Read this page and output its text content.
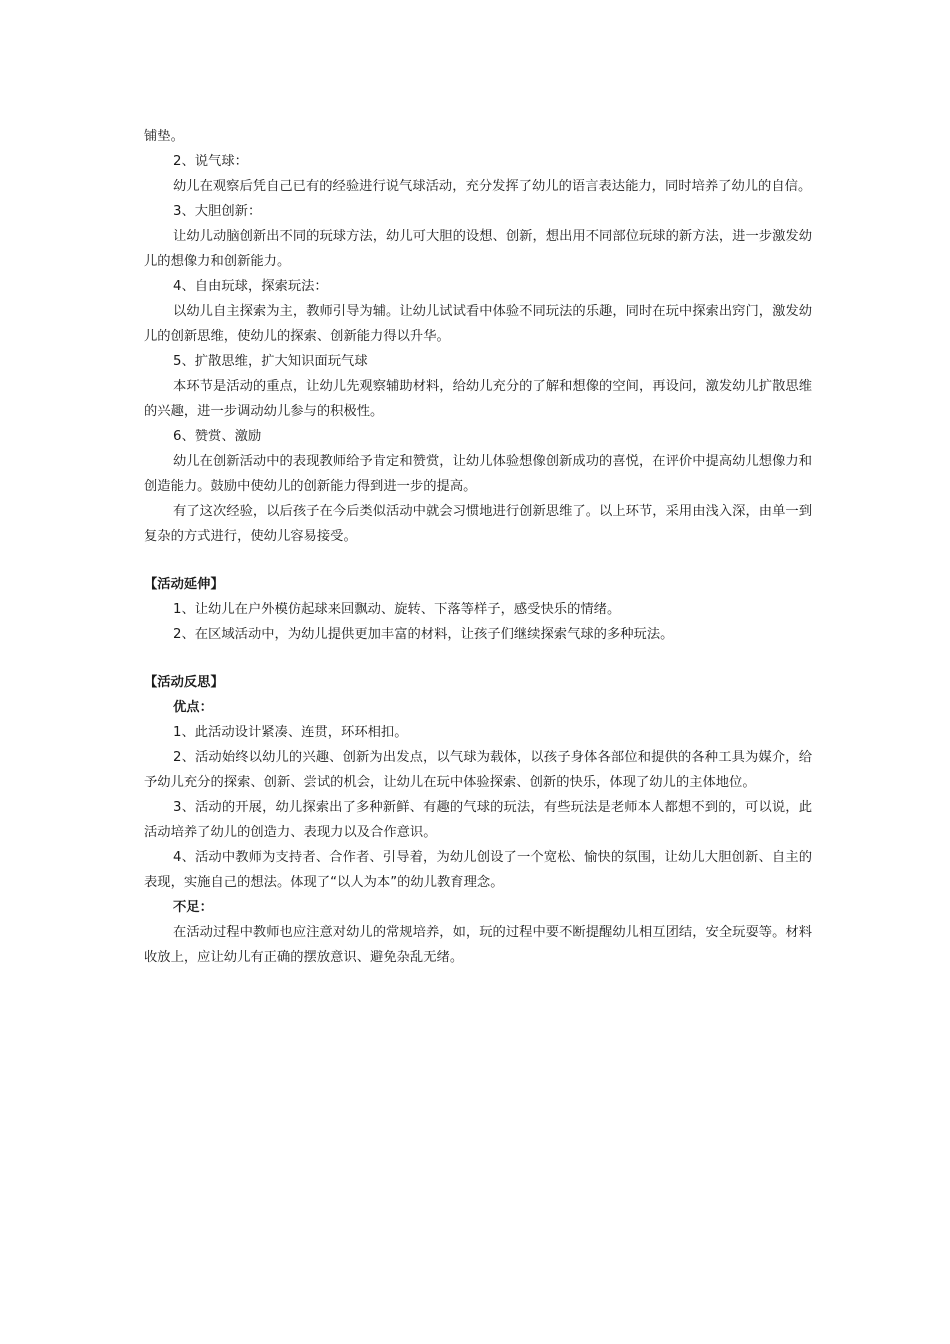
铺垫。

2、说气球：

幼儿在观察后凭自己已有的经验进行说气球活动，充分发挥了幼儿的语言表达能力，同时培养了幼儿的自信。

3、大胆创新：

让幼儿动脑创新出不同的玩球方法，幼儿可大胆的设想、创新，想出用不同部位玩球的新方法，进一步激发幼儿的想像力和创新能力。

4、自由玩球，探索玩法：

以幼儿自主探索为主，教师引导为辅。让幼儿试试看中体验不同玩法的乐趣，同时在玩中探索出窍门，激发幼儿的创新思维，使幼儿的探索、创新能力得以升华。

5、扩散思维，扩大知识面玩气球

本环节是活动的重点，让幼儿先观察辅助材料，给幼儿充分的了解和想像的空间，再设问，激发幼儿扩散思维的兴趣，进一步调动幼儿参与的积极性。

6、赞赏、激励

幼儿在创新活动中的表现教师给予肯定和赞赏，让幼儿体验想像创新成功的喜悦，在评价中提高幼儿想像力和创造能力。鼓励中使幼儿的创新能力得到进一步的提高。

有了这次经验，以后孩子在今后类似活动中就会习惯地进行创新思维了。以上环节，采用由浅入深，由单一到复杂的方式进行，使幼儿容易接受。

【活动延伸】

1、让幼儿在户外模仿起球来回飘动、旋转、下落等样子，感受快乐的情绪。

2、在区域活动中，为幼儿提供更加丰富的材料，让孩子们继续探索气球的多种玩法。

【活动反思】

优点：

1、此活动设计紧凑、连贯，环环相扣。

2、活动始终以幼儿的兴趣、创新为出发点，以气球为载体，以孩子身体各部位和提供的各种工具为媒介，给予幼儿充分的探索、创新、尝试的机会，让幼儿在玩中体验探索、创新的快乐，体现了幼儿的主体地位。

3、活动的开展，幼儿探索出了多种新鲜、有趣的气球的玩法，有些玩法是老师本人都想不到的，可以说，此活动培养了幼儿的创造力、表现力以及合作意识。

4、活动中教师为支持者、合作者、引导着，为幼儿创设了一个宽松、愉快的氛围，让幼儿大胆创新、自主的表现，实施自己的想法。体现了“以人为本”的幼儿教育理念。

不足：

在活动过程中教师也应注意对幼儿的常规培养，如，玩的过程中要不断提醒幼儿相互团结，安全玩耍等。材料收放上，应让幼儿有正确的摆放意识、避免杂乱无绪。
